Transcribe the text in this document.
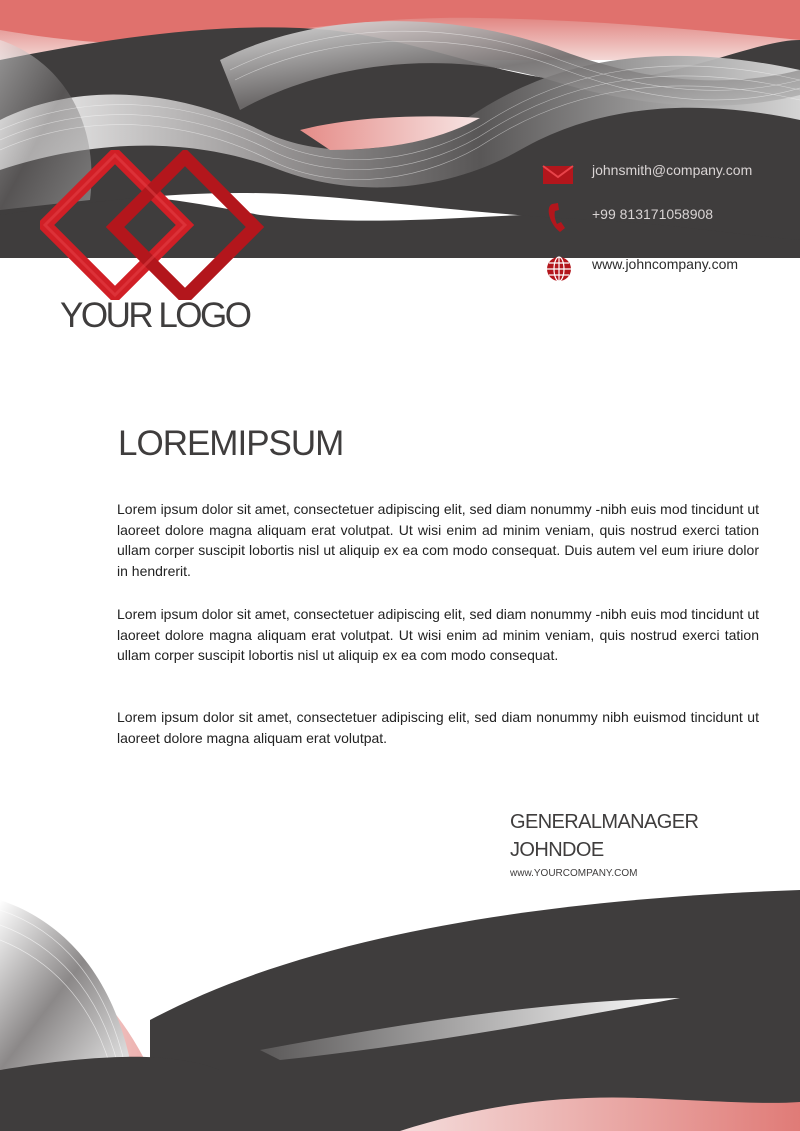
YOUR LOGO
johnsmith@company.com
+99 813171058908
www.johncompany.com
LOREMIPSUM

Lorem ipsum dolor sit amet, consectetuer adipiscing elit, sed diam nonummy -nibh euis mod tincidunt ut laoreet dolore magna aliquam erat volutpat. Ut wisi enim ad minim veniam, quis nostrud exerci tation ullam corper suscipit lobortis nisl ut aliquip ex ea com modo consequat. Duis autem vel eum iriure dolor in hendrerit.

Lorem ipsum dolor sit amet, consectetuer adipiscing elit, sed diam nonummy -nibh euis mod tincidunt ut laoreet dolore magna aliquam erat volutpat. Ut wisi enim ad minim veniam, quis nostrud exerci tation ullam corper suscipit lobortis nisl ut aliquip ex ea com modo consequat.

Lorem ipsum dolor sit amet, consectetuer adipiscing elit, sed diam nonummy nibh euismod tincidunt ut laoreet dolore magna aliquam erat volutpat.

GENERALMANAGER
JOHNDOE
www.YOURCOMPANY.COM
